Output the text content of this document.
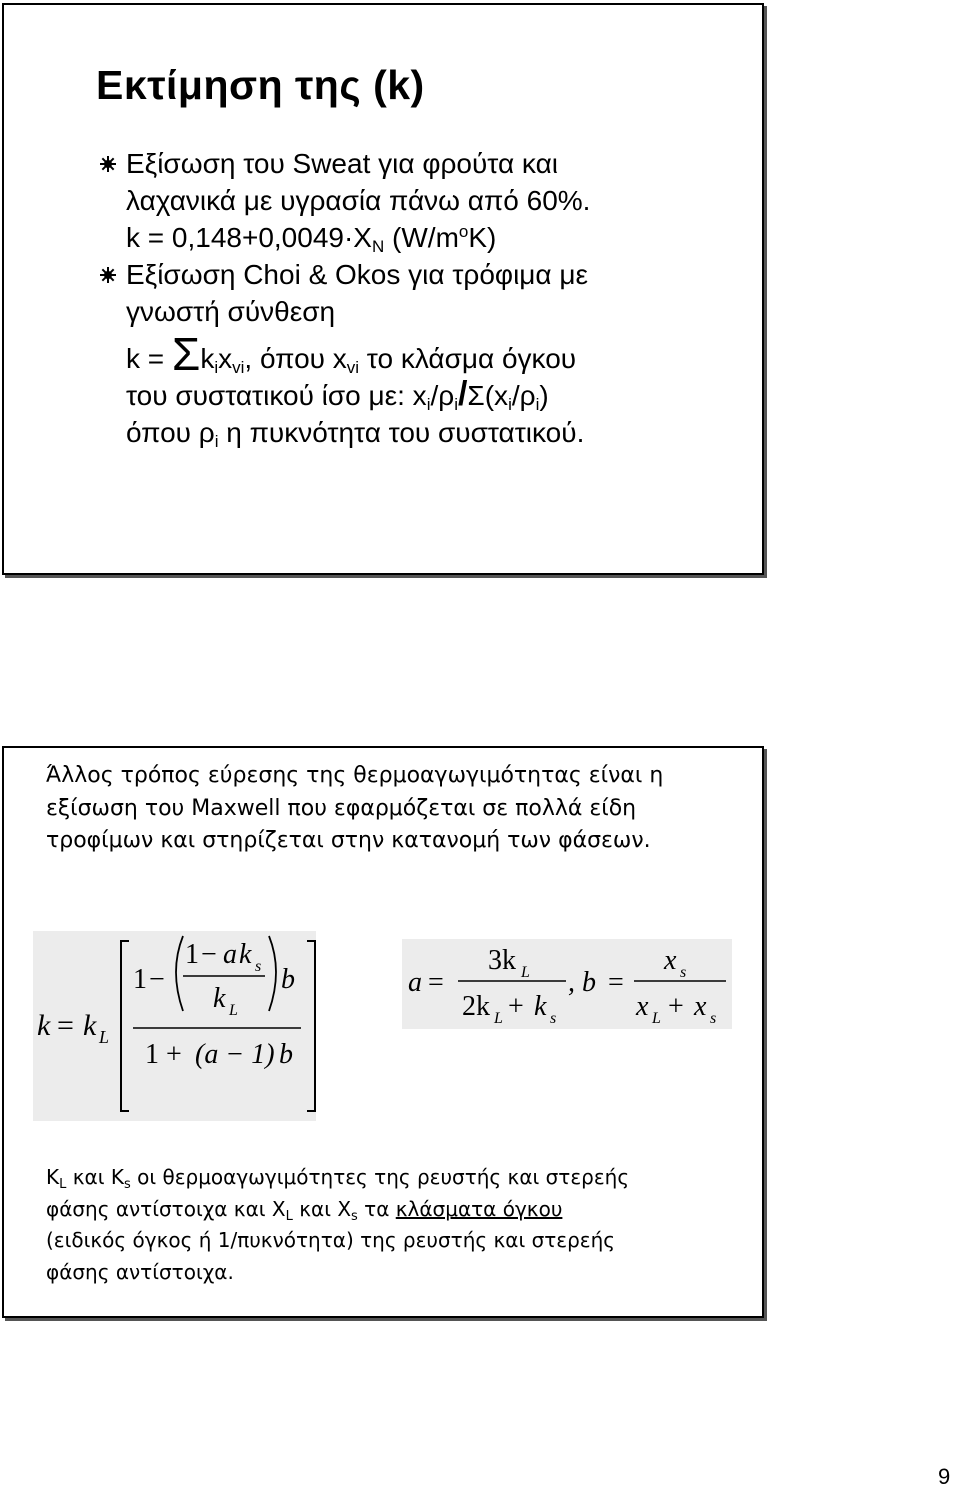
Εκτίμηση της (k)
Εξίσωση του Sweat για φρούτα και
λαχανικά με υγρασία πάνω από 60%.
$k = 0,148+0,0049\cdot X_N$ $(W/m^oK)$
Εξίσωση Choi & Okos για τρόφιμα με
γνωστή σύνθεση
$k = \Sigma k_ix_{vi}$, όπου $x_{vi}$ το κλάσμα όγκου
του συστατικού ίσο με: $x_i/\rho_i/\Sigma(x_i/\rho_i)$
όπου $\rho_i$ η πυκνότητα του συστατικού.
Άλλος τρόπος εύρεσης της θερμοαγωγιμότητας είναι η εξίσωση του Maxwell που εφαρμόζεται σε πολλά είδη τροφίμων και στηρίζεται στην κατανομή των φάσεων.
k = k L
1 −
1 − a k s
k L
b
1 + (a − 1) b
a =
3k L
2k L + k s
, b =
x s
x L + x s
$K_L$ και $K_s$ οι θερμοαγωγιμότητες της ρευστής και στερεής
φάσης αντίστοιχα και $X_L$ και $X_s$ τα κλάσματα όγκου
(ειδικός όγκος ή 1/πυκνότητα) της ρευστής και στερεής
φάσης αντίστοιχα.
9
